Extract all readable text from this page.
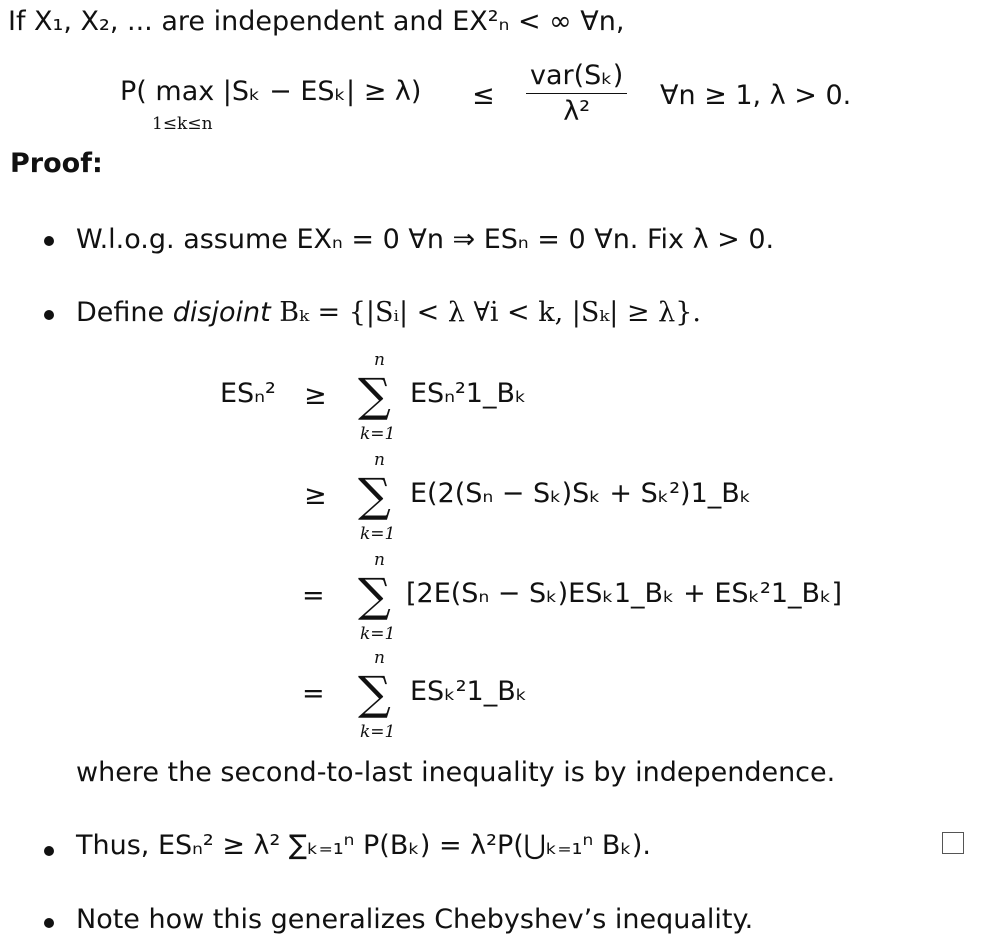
If X₁, X₂, ... are independent and EX²ₙ < ∞ ∀n,
P( max |Sₖ − ESₖ| ≥ λ)
1≤k≤n
≤ $\frac{\text{var(Sₖ)}}{\text{λ²}}$ ∀n ≥ 1, λ > 0.
Proof:
W.l.o.g. assume EXₙ = 0 ∀n ⇒ ESₙ = 0 ∀n. Fix λ > 0.
Define disjoint Bₖ = {|Sᵢ| < λ ∀i < k, |Sₖ| ≥ λ}.
ESₙ² ≥
n
∑
k=1
ESₙ²1_Bₖ
≥
n
∑
k=1
E(2(Sₙ − Sₖ)Sₖ + Sₖ²)1_Bₖ
=
n
∑
k=1
[2E(Sₙ − Sₖ)ESₖ1_Bₖ + ESₖ²1_Bₖ]
=
n
∑
k=1
ESₖ²1_Bₖ
where the second-to-last inequality is by independence.
Thus, ESₙ² ≥ λ² ∑ₖ₌₁ⁿ P(Bₖ) = λ²P(⋃ₖ₌₁ⁿ Bₖ).
Note how this generalizes Chebyshev’s inequality.
